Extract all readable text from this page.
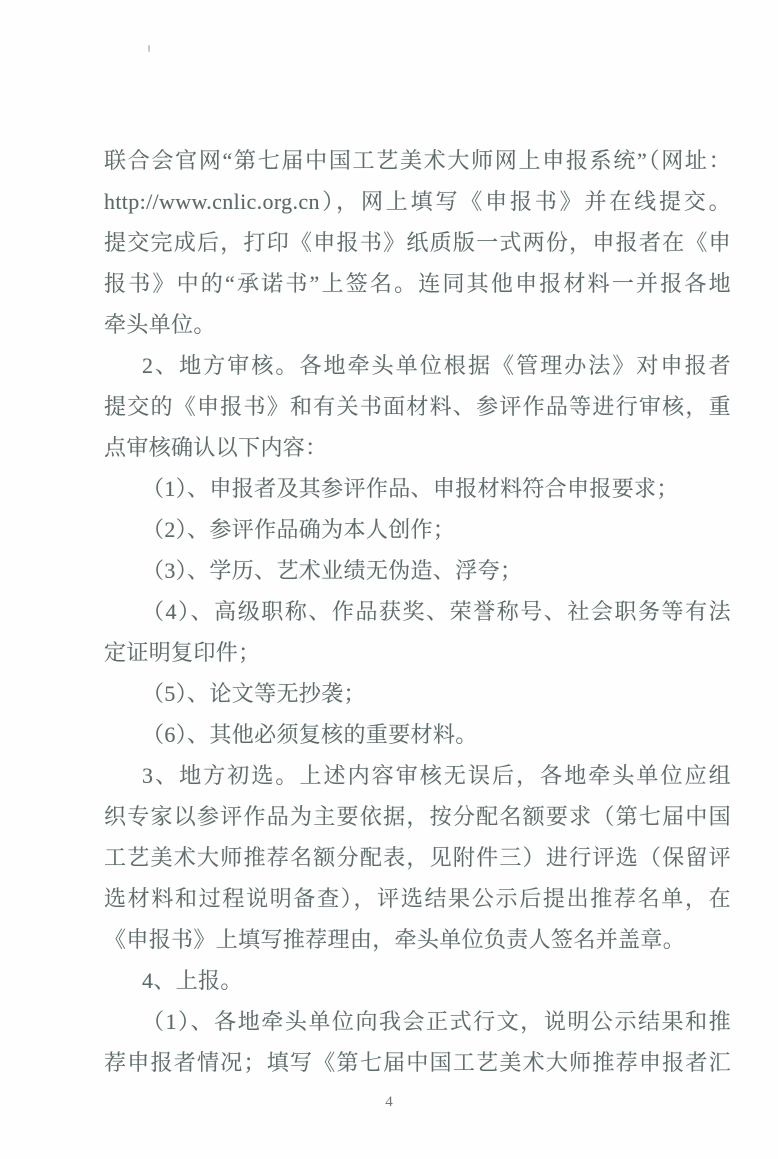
联合会官网“第七届中国工艺美术大师网上申报系统”（网址：
http://www.cnlic.org.cn），网上填写《申报书》并在线提交。
提交完成后，打印《申报书》纸质版一式两份，申报者在《申
报书》中的“承诺书”上签名。连同其他申报材料一并报各地
牵头单位。
2、地方审核。各地牵头单位根据《管理办法》对申报者
提交的《申报书》和有关书面材料、参评作品等进行审核，重
点审核确认以下内容：
（1）、申报者及其参评作品、申报材料符合申报要求；
（2）、参评作品确为本人创作；
（3）、学历、艺术业绩无伪造、浮夸；
（4）、高级职称、作品获奖、荣誉称号、社会职务等有法
定证明复印件；
（5）、论文等无抄袭；
（6）、其他必须复核的重要材料。
3、地方初选。上述内容审核无误后，各地牵头单位应组
织专家以参评作品为主要依据，按分配名额要求（第七届中国
工艺美术大师推荐名额分配表，见附件三）进行评选（保留评
选材料和过程说明备查），评选结果公示后提出推荐名单，在
《申报书》上填写推荐理由，牵头单位负责人签名并盖章。
4、上报。
（1）、各地牵头单位向我会正式行文，说明公示结果和推
荐申报者情况；填写《第七届中国工艺美术大师推荐申报者汇
4
